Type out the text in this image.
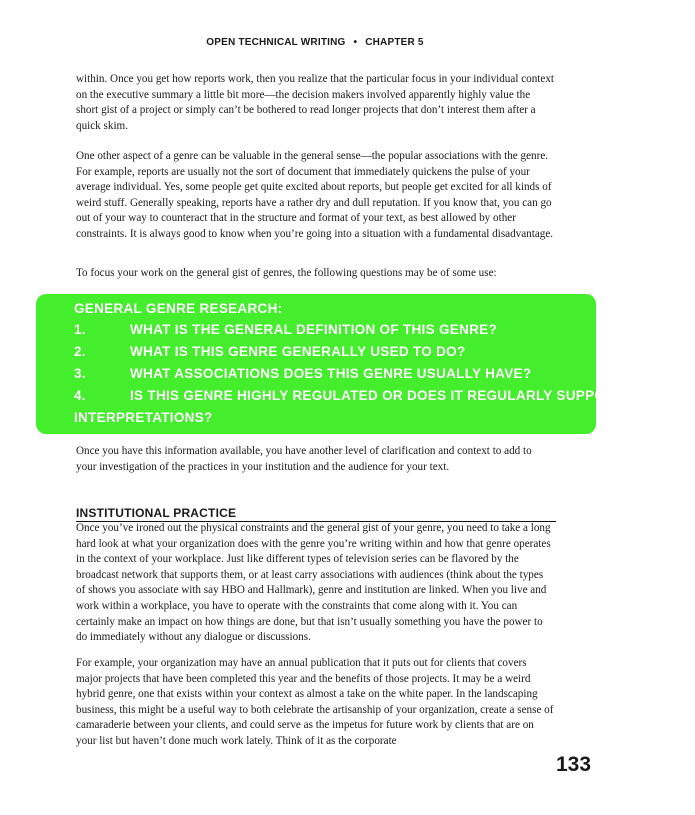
OPEN TECHNICAL WRITING • CHAPTER 5

within. Once you get how reports work, then you realize that the particular focus in your individual context on the executive summary a little bit more—the decision makers involved apparently highly value the short gist of a project or simply can’t be bothered to read longer projects that don’t interest them after a quick skim.

One other aspect of a genre can be valuable in the general sense—the popular associations with the genre. For example, reports are usually not the sort of document that immediately quickens the pulse of your average individual. Yes, some people get quite excited about reports, but people get excited for all kinds of weird stuff. Generally speaking, reports have a rather dry and dull reputation. If you know that, you can go out of your way to counteract that in the structure and format of your text, as best allowed by other constraints. It is always good to know when you’re going into a situation with a fundamental disadvantage.

To focus your work on the general gist of genres, the following questions may be of some use:

GENERAL GENRE RESEARCH:
1.	WHAT IS THE GENERAL DEFINITION OF THIS GENRE?
2.	WHAT IS THIS GENRE GENERALLY USED TO DO?
3.	WHAT ASSOCIATIONS DOES THIS GENRE USUALLY HAVE?
4.	IS THIS GENRE HIGHLY REGULATED OR DOES IT REGULARLY SUPPORT EXTREME
INTERPRETATIONS?

Once you have this information available, you have another level of clarification and context to add to your investigation of the practices in your institution and the audience for your text.

INSTITUTIONAL PRACTICE

Once you’ve ironed out the physical constraints and the general gist of your genre, you need to take a long hard look at what your organization does with the genre you’re writing within and how that genre operates in the context of your workplace. Just like different types of television series can be flavored by the broadcast network that supports them, or at least carry associations with audiences (think about the types of shows you associate with say HBO and Hallmark), genre and institution are linked. When you live and work within a workplace, you have to operate with the constraints that come along with it. You can certainly make an impact on how things are done, but that isn’t usually something you have the power to do immediately without any dialogue or discussions.

For example, your organization may have an annual publication that it puts out for clients that covers major projects that have been completed this year and the benefits of those projects. It may be a weird hybrid genre, one that exists within your context as almost a take on the white paper. In the landscaping business, this might be a useful way to both celebrate the artisanship of your organization, create a sense of camaraderie between your clients, and could serve as the impetus for future work by clients that are on your list but haven’t done much work lately. Think of it as the corporate

133
